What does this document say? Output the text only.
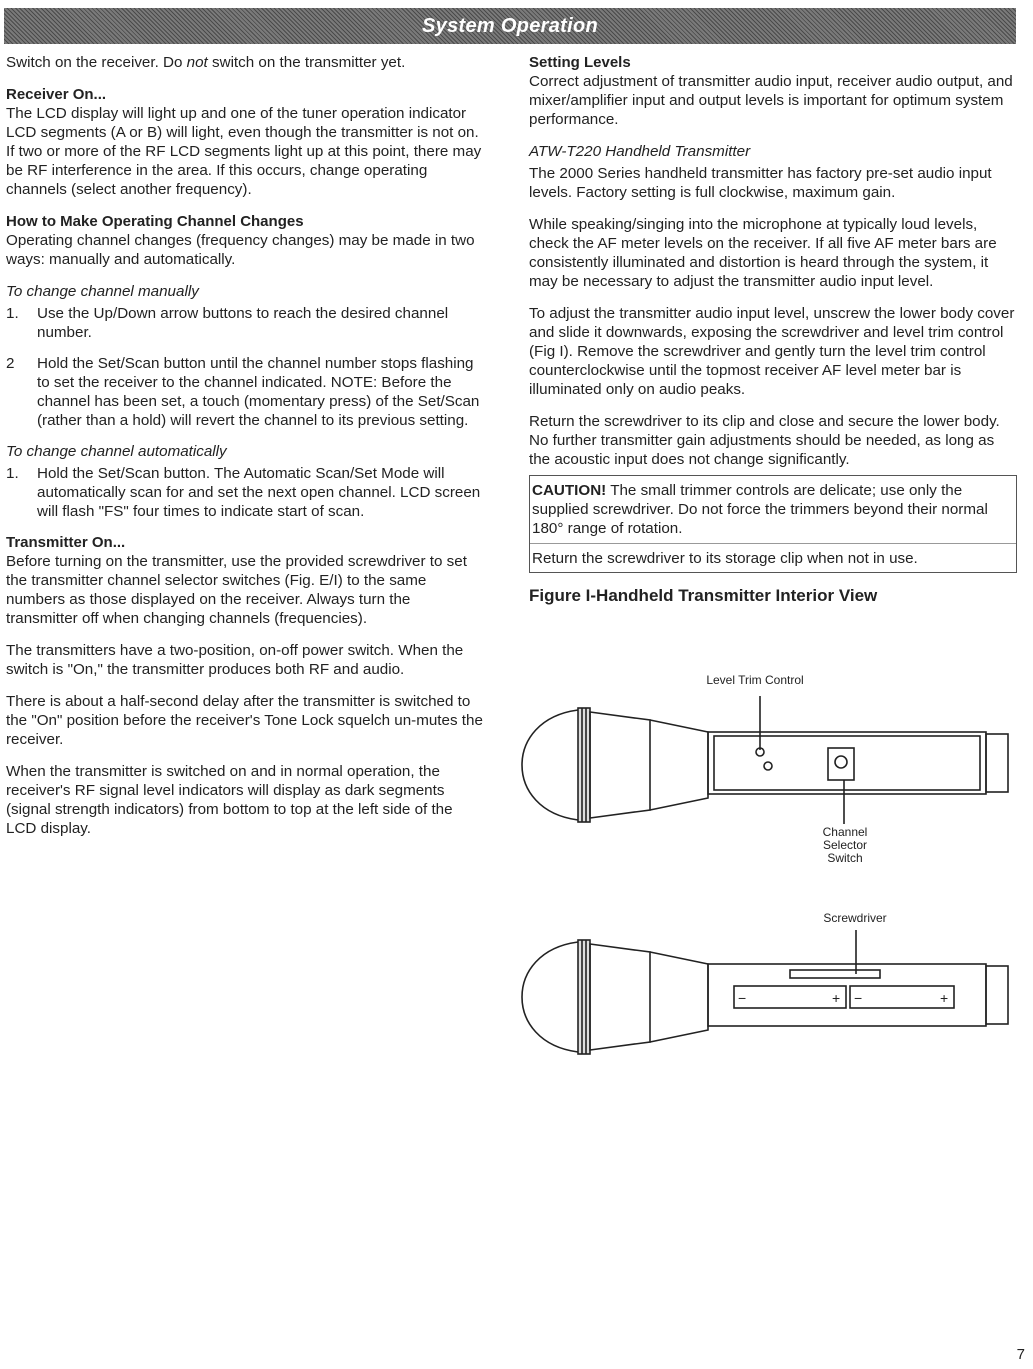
System Operation

Switch on the receiver. Do not switch on the transmitter yet.

Receiver On...

The LCD display will light up and one of the tuner operation indicator LCD segments (A or B) will light, even though the transmitter is not on. If two or more of the RF LCD segments light up at this point, there may be RF interference in the area. If this occurs, change operating channels (select another frequency).

How to Make Operating Channel Changes

Operating channel changes (frequency changes) may be made in two ways: manually and automatically.

To change channel manually
1.	Use the Up/Down arrow buttons to reach the desired channel number.
2	Hold the Set/Scan button until the channel number stops flashing to set the receiver to the channel indicated. NOTE: Before the channel has been set, a touch (momentary press) of the Set/Scan (rather than a hold) will revert the channel to its previous setting.
To change channel automatically
1.	Hold the Set/Scan button. The Automatic Scan/Set Mode will automatically scan for and set the next open channel. LCD screen will flash "FS" four times to indicate start of scan.
Transmitter On...

Before turning on the transmitter, use the provided screwdriver to set the transmitter channel selector switches (Fig. E/I) to the same numbers as those displayed on the receiver. Always turn the transmitter off when changing channels (frequencies).

The transmitters have a two-position, on-off power switch. When the switch is "On," the transmitter produces both RF and audio.

There is about a half-second delay after the transmitter is switched to the "On" position before the receiver's Tone Lock squelch un-mutes the receiver.

When the transmitter is switched on and in normal operation, the receiver's RF signal level indicators will display as dark segments (signal strength indicators) from bottom to top at the left side of the LCD display.

Setting Levels

Correct adjustment of transmitter audio input, receiver audio output, and mixer/amplifier input and output levels is important for optimum system performance.

ATW-T220 Handheld Transmitter

The 2000 Series handheld transmitter has factory pre-set audio input levels. Factory setting is full clockwise, maximum gain.

While speaking/singing into the microphone at typically loud levels, check the AF meter levels on the receiver. If all five AF meter bars are consistently illuminated and distortion is heard through the system, it may be necessary to adjust the transmitter audio input level.

To adjust the transmitter audio input level, unscrew the lower body cover and slide it downwards, exposing the screwdriver and level trim control (Fig I). Remove the screwdriver and gently turn the level trim control counterclockwise until the topmost receiver AF level meter bar is illuminated only on audio peaks.

Return the screwdriver to its clip and close and secure the lower body. No further transmitter gain adjustments should be needed, as long as the acoustic input does not change significantly.

CAUTION! The small trimmer controls are delicate; use only the supplied screwdriver. Do not force the trimmers beyond their normal 180° range of rotation.

Return the screwdriver to its storage clip when not in use.
Figure I-Handheld Transmitter Interior View
Level Trim Control
Channel
Selector
Switch
Screwdriver
−	+ −	+
7
